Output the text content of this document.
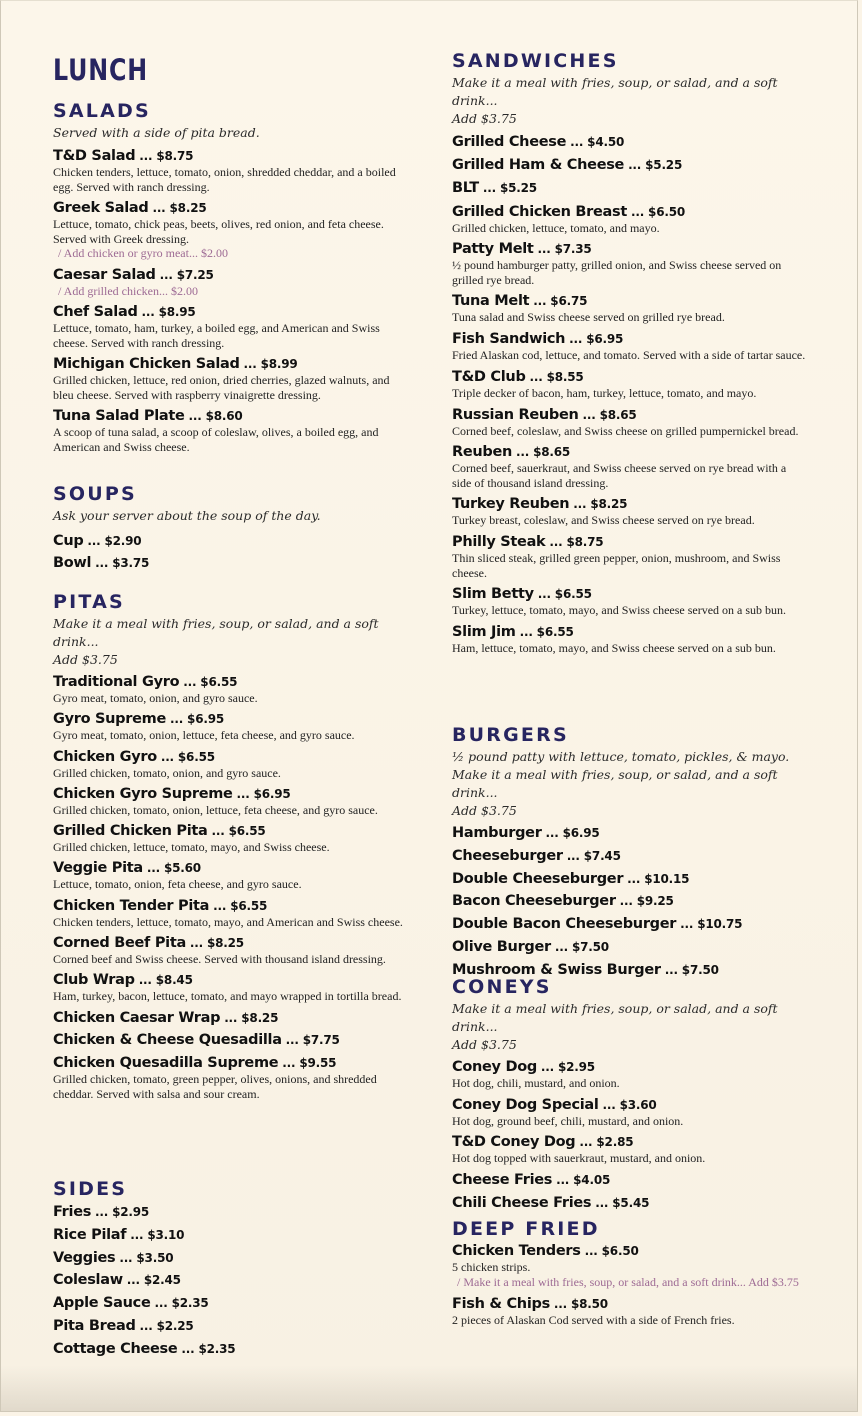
LUNCH
SALADS

Served with a side of pita bread.

T&D Salad ... $8.75
Chicken tenders, lettuce, tomato, onion, shredded cheddar, and a boiled egg. Served with ranch dressing.
Greek Salad ... $8.25
Lettuce, tomato, chick peas, beets, olives, red onion, and feta cheese. Served with Greek dressing.
/ Add chicken or gyro meat... $2.00
Caesar Salad ... $7.25
/ Add grilled chicken... $2.00
Chef Salad ... $8.95
Lettuce, tomato, ham, turkey, a boiled egg, and American and Swiss cheese. Served with ranch dressing.
Michigan Chicken Salad ... $8.99
Grilled chicken, lettuce, red onion, dried cherries, glazed walnuts, and bleu cheese. Served with raspberry vinaigrette dressing.
Tuna Salad Plate ... $8.60
A scoop of tuna salad, a scoop of coleslaw, olives, a boiled egg, and American and Swiss cheese.
SOUPS

Ask your server about the soup of the day.

Cup ... $2.90
Bowl ... $3.75
PITAS

Make it a meal with fries, soup, or salad, and a soft drink...

Add $3.75

Traditional Gyro ... $6.55
Gyro meat, tomato, onion, and gyro sauce.
Gyro Supreme ... $6.95
Gyro meat, tomato, onion, lettuce, feta cheese, and gyro sauce.
Chicken Gyro ... $6.55
Grilled chicken, tomato, onion, and gyro sauce.
Chicken Gyro Supreme ... $6.95
Grilled chicken, tomato, onion, lettuce, feta cheese, and gyro sauce.
Grilled Chicken Pita ... $6.55
Grilled chicken, lettuce, tomato, mayo, and Swiss cheese.
Veggie Pita ... $5.60
Lettuce, tomato, onion, feta cheese, and gyro sauce.
Chicken Tender Pita ... $6.55
Chicken tenders, lettuce, tomato, mayo, and American and Swiss cheese.
Corned Beef Pita ... $8.25
Corned beef and Swiss cheese. Served with thousand island dressing.
Club Wrap ... $8.45
Ham, turkey, bacon, lettuce, tomato, and mayo wrapped in tortilla bread.
Chicken Caesar Wrap ... $8.25
Chicken & Cheese Quesadilla ... $7.75
Chicken Quesadilla Supreme ... $9.55
Grilled chicken, tomato, green pepper, olives, onions, and shredded cheddar. Served with salsa and sour cream.
SIDES
Fries ... $2.95
Rice Pilaf ... $3.10
Veggies ... $3.50
Coleslaw ... $2.45
Apple Sauce ... $2.35
Pita Bread ... $2.25
Cottage Cheese ... $2.35
SANDWICHES

Make it a meal with fries, soup, or salad, and a soft drink...

Add $3.75

Grilled Cheese ... $4.50
Grilled Ham & Cheese ... $5.25
BLT ... $5.25
Grilled Chicken Breast ... $6.50
Grilled chicken, lettuce, tomato, and mayo.
Patty Melt ... $7.35
½ pound hamburger patty, grilled onion, and Swiss cheese served on grilled rye bread.
Tuna Melt ... $6.75
Tuna salad and Swiss cheese served on grilled rye bread.
Fish Sandwich ... $6.95
Fried Alaskan cod, lettuce, and tomato. Served with a side of tartar sauce.
T&D Club ... $8.55
Triple decker of bacon, ham, turkey, lettuce, tomato, and mayo.
Russian Reuben ... $8.65
Corned beef, coleslaw, and Swiss cheese on grilled pumpernickel bread.
Reuben ... $8.65
Corned beef, sauerkraut, and Swiss cheese served on rye bread with a side of thousand island dressing.
Turkey Reuben ... $8.25
Turkey breast, coleslaw, and Swiss cheese served on rye bread.
Philly Steak ... $8.75
Thin sliced steak, grilled green pepper, onion, mushroom, and Swiss cheese.
Slim Betty ... $6.55
Turkey, lettuce, tomato, mayo, and Swiss cheese served on a sub bun.
Slim Jim ... $6.55
Ham, lettuce, tomato, mayo, and Swiss cheese served on a sub bun.
BURGERS

½ pound patty with lettuce, tomato, pickles, & mayo.

Make it a meal with fries, soup, or salad, and a soft drink...

Add $3.75

Hamburger ... $6.95
Cheeseburger ... $7.45
Double Cheeseburger ... $10.15
Bacon Cheeseburger ... $9.25
Double Bacon Cheeseburger ... $10.75
Olive Burger ... $7.50
Mushroom & Swiss Burger ... $7.50
CONEYS

Make it a meal with fries, soup, or salad, and a soft drink...

Add $3.75

Coney Dog ... $2.95
Hot dog, chili, mustard, and onion.
Coney Dog Special ... $3.60
Hot dog, ground beef, chili, mustard, and onion.
T&D Coney Dog ... $2.85
Hot dog topped with sauerkraut, mustard, and onion.
Cheese Fries ... $4.05
Chili Cheese Fries ... $5.45
DEEP FRIED
Chicken Tenders ... $6.50
5 chicken strips.
/ Make it a meal with fries, soup, or salad, and a soft drink... Add $3.75
Fish & Chips ... $8.50
2 pieces of Alaskan Cod served with a side of French fries.
